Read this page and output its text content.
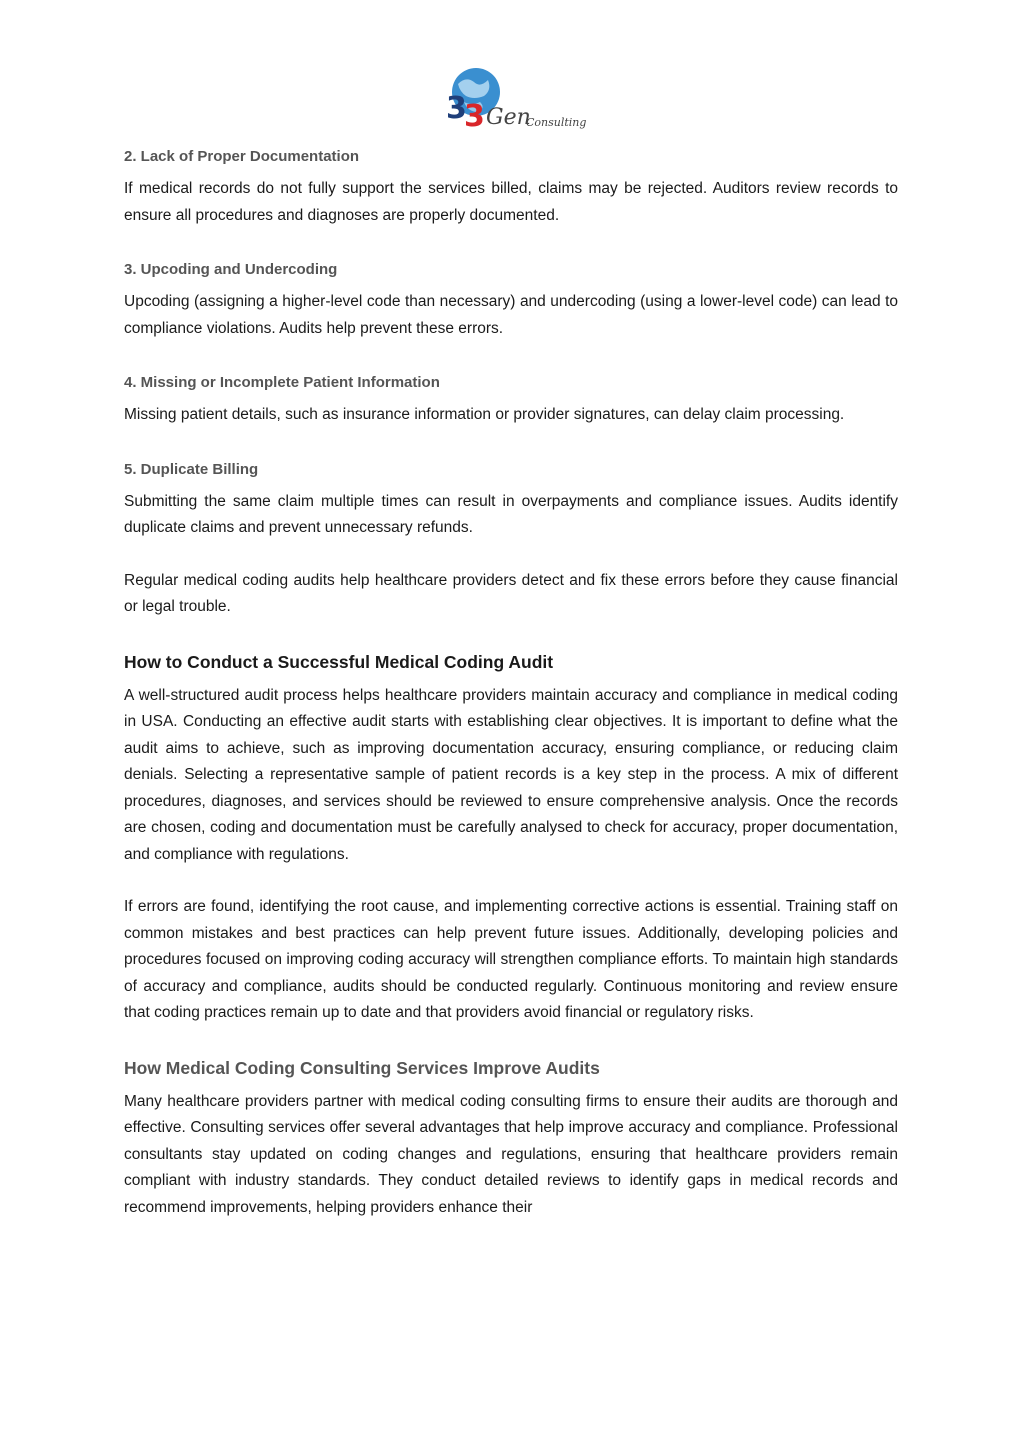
3
3 Gen
Consulting
2. Lack of Proper Documentation

If medical records do not fully support the services billed, claims may be rejected. Auditors review records to ensure all procedures and diagnoses are properly documented.

3. Upcoding and Undercoding

Upcoding (assigning a higher-level code than necessary) and undercoding (using a lower-level code) can lead to compliance violations. Audits help prevent these errors.

4. Missing or Incomplete Patient Information

Missing patient details, such as insurance information or provider signatures, can delay claim processing.

5. Duplicate Billing

Submitting the same claim multiple times can result in overpayments and compliance issues. Audits identify duplicate claims and prevent unnecessary refunds.

Regular medical coding audits help healthcare providers detect and fix these errors before they cause financial or legal trouble.

How to Conduct a Successful Medical Coding Audit

A well-structured audit process helps healthcare providers maintain accuracy and compliance in medical coding in USA. Conducting an effective audit starts with establishing clear objectives. It is important to define what the audit aims to achieve, such as improving documentation accuracy, ensuring compliance, or reducing claim denials. Selecting a representative sample of patient records is a key step in the process. A mix of different procedures, diagnoses, and services should be reviewed to ensure comprehensive analysis. Once the records are chosen, coding and documentation must be carefully analysed to check for accuracy, proper documentation, and compliance with regulations.

If errors are found, identifying the root cause, and implementing corrective actions is essential. Training staff on common mistakes and best practices can help prevent future issues. Additionally, developing policies and procedures focused on improving coding accuracy will strengthen compliance efforts. To maintain high standards of accuracy and compliance, audits should be conducted regularly. Continuous monitoring and review ensure that coding practices remain up to date and that providers avoid financial or regulatory risks.

How Medical Coding Consulting Services Improve Audits

Many healthcare providers partner with medical coding consulting firms to ensure their audits are thorough and effective. Consulting services offer several advantages that help improve accuracy and compliance. Professional consultants stay updated on coding changes and regulations, ensuring that healthcare providers remain compliant with industry standards. They conduct detailed reviews to identify gaps in medical records and recommend improvements, helping providers enhance their
